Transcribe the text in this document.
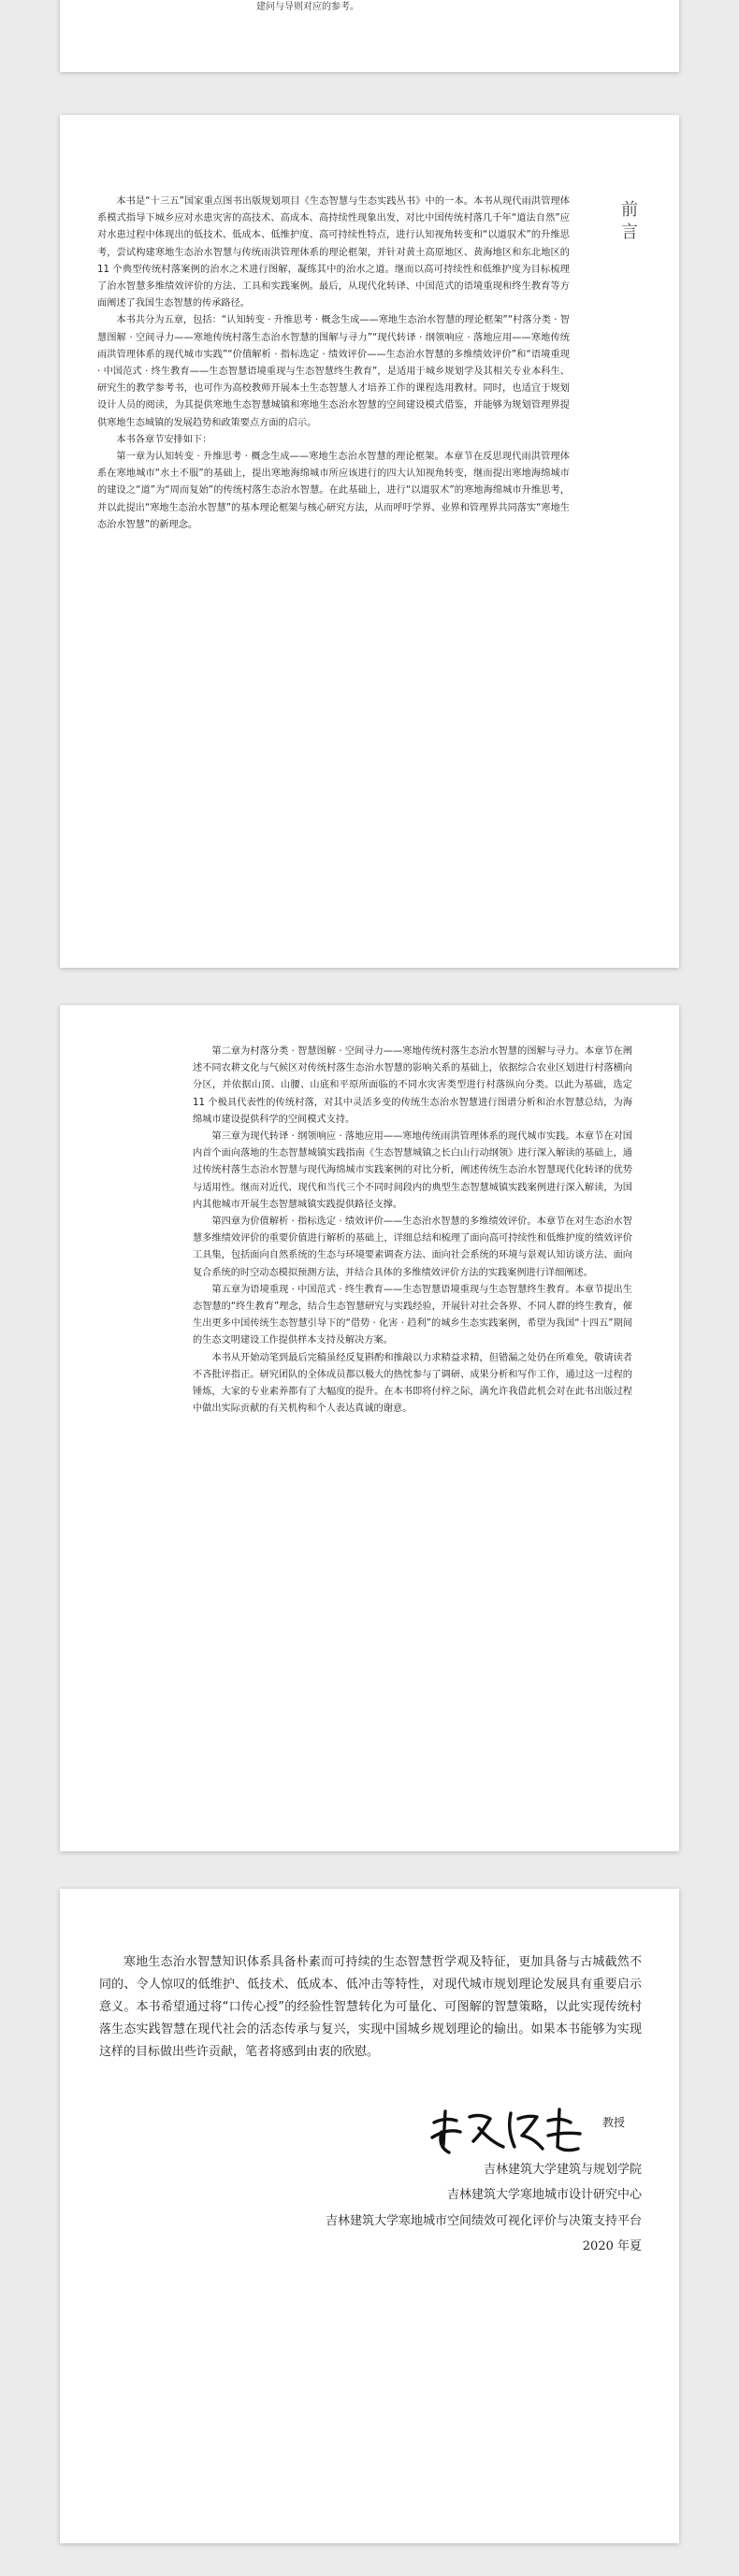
建问与导则对应的参考。
前
言

本书是“十三五”国家重点图书出版规划项目《生态智慧与生态实践丛书》中的一本。本书从现代雨洪管理体系模式指导下城乡应对水患灾害的高技术、高成本、高持续性现象出发，对比中国传统村落几千年“道法自然”应对水患过程中体现出的低技术、低成本、低维护度、高可持续性特点，进行认知视角转变和“以道驭术”的升维思考，尝试构建寒地生态治水智慧与传统雨洪管理体系的理论框架，并针对黄土高原地区、黄海地区和东北地区的 11 个典型传统村落案例的治水之术进行图解，凝练其中的治水之道。继而以高可持续性和低维护度为目标梳理了治水智慧多维绩效评价的方法、工具和实践案例。最后，从现代化转译、中国范式的语境重现和终生教育等方面阐述了我国生态智慧的传承路径。

本书共分为五章，包括：“认知转变 · 升维思考 · 概念生成——寒地生态治水智慧的理论框架”“村落分类 · 智慧图解 · 空间寻力——寒地传统村落生态治水智慧的图解与寻力”“现代转译 · 纲领响应 · 落地应用——寒地传统雨洪管理体系的现代城市实践”“价值解析 · 指标选定 · 绩效评价——生态治水智慧的多维绩效评价”和“语境重现 · 中国范式 · 终生教育——生态智慧语境重现与生态智慧终生教育”，是适用于城乡规划学及其相关专业本科生、研究生的教学参考书，也可作为高校教师开展本土生态智慧人才培养工作的课程选用教材。同时，也适宜于规划设计人员的阅读，为其提供寒地生态智慧城镇和寒地生态治水智慧的空间建设模式借鉴，并能够为规划管理界提供寒地生态城镇的发展趋势和政策要点方面的启示。

本书各章节安排如下：

第一章为认知转变 · 升维思考 · 概念生成——寒地生态治水智慧的理论框架。本章节在反思现代雨洪管理体系在寒地城市“水土不服”的基础上，提出寒地海绵城市所应该进行的四大认知视角转变，继而提出寒地海绵城市的建设之“道”为“周而复始”的传统村落生态治水智慧。在此基础上，进行“以道驭术”的寒地海绵城市升维思考，并以此提出“寒地生态治水智慧”的基本理论框架与核心研究方法，从而呼吁学界、业界和管理界共同落实“寒地生态治水智慧”的新理念。

第二章为村落分类 · 智慧图解 · 空间寻力——寒地传统村落生态治水智慧的图解与寻力。本章节在阐述不同农耕文化与气候区对传统村落生态治水智慧的影响关系的基础上，依据综合农业区划进行村落横向分区，并依据山顶、山腰、山底和平原所面临的不同水灾害类型进行村落纵向分类。以此为基础，选定 11 个极具代表性的传统村落，对其中灵活多变的传统生态治水智慧进行图谱分析和治水智慧总结，为海绵城市建设提供科学的空间模式支持。

第三章为现代转译 · 纲领响应 · 落地应用——寒地传统雨洪管理体系的现代城市实践。本章节在对国内首个面向落地的生态智慧城镇实践指南《生态智慧城镇之长白山行动纲领》进行深入解读的基础上，通过传统村落生态治水智慧与现代海绵城市实践案例的对比分析，阐述传统生态治水智慧现代化转译的优势与适用性。继而对近代、现代和当代三个不同时间段内的典型生态智慧城镇实践案例进行深入解读，为国内其他城市开展生态智慧城镇实践提供路径支撑。

第四章为价值解析 · 指标选定 · 绩效评价——生态治水智慧的多维绩效评价。本章节在对生态治水智慧多维绩效评价的重要价值进行解析的基础上，详细总结和梳理了面向高可持续性和低维护度的绩效评价工具集，包括面向自然系统的生态与环境要素调查方法、面向社会系统的环境与景观认知访谈方法、面向复合系统的时空动态模拟预测方法，并结合具体的多维绩效评价方法的实践案例进行详细阐述。

第五章为语境重现 · 中国范式 · 终生教育——生态智慧语境重现与生态智慧终生教育。本章节提出生态智慧的“终生教育”理念，结合生态智慧研究与实践经验，开展针对社会各界、不同人群的终生教育，催生出更多中国传统生态智慧引导下的“借势 · 化害 · 趋利”的城乡生态实践案例，希望为我国“十四五”期间的生态文明建设工作提供样本支持及解决方案。

本书从开始动笔到最后完稿虽经反复斟酌和推敲以力求精益求精，但错漏之处仍在所难免，敬请读者不吝批评指正。研究团队的全体成员都以极大的热忱参与了调研、成果分析和写作工作，通过这一过程的锤炼，大家的专业素养都有了大幅度的提升。在本书即将付梓之际，满允许我借此机会对在此书出版过程中做出实际贡献的有关机构和个人表达真诚的谢意。

寒地生态治水智慧知识体系具备朴素而可持续的生态智慧哲学观及特征，更加具备与古城截然不同的、令人惊叹的低维护、低技术、低成本、低冲击等特性，对现代城市规划理论发展具有重要启示意义。本书希望通过将“口传心授”的经验性智慧转化为可量化、可图解的智慧策略，以此实现传统村落生态实践智慧在现代社会的活态传承与复兴，实现中国城乡规划理论的输出。如果本书能够为实现这样的目标做出些许贡献，笔者将感到由衷的欣慰。

教授
吉林建筑大学建筑与规划学院
吉林建筑大学寒地城市设计研究中心
吉林建筑大学寒地城市空间绩效可视化评价与决策支持平台
2020 年夏
